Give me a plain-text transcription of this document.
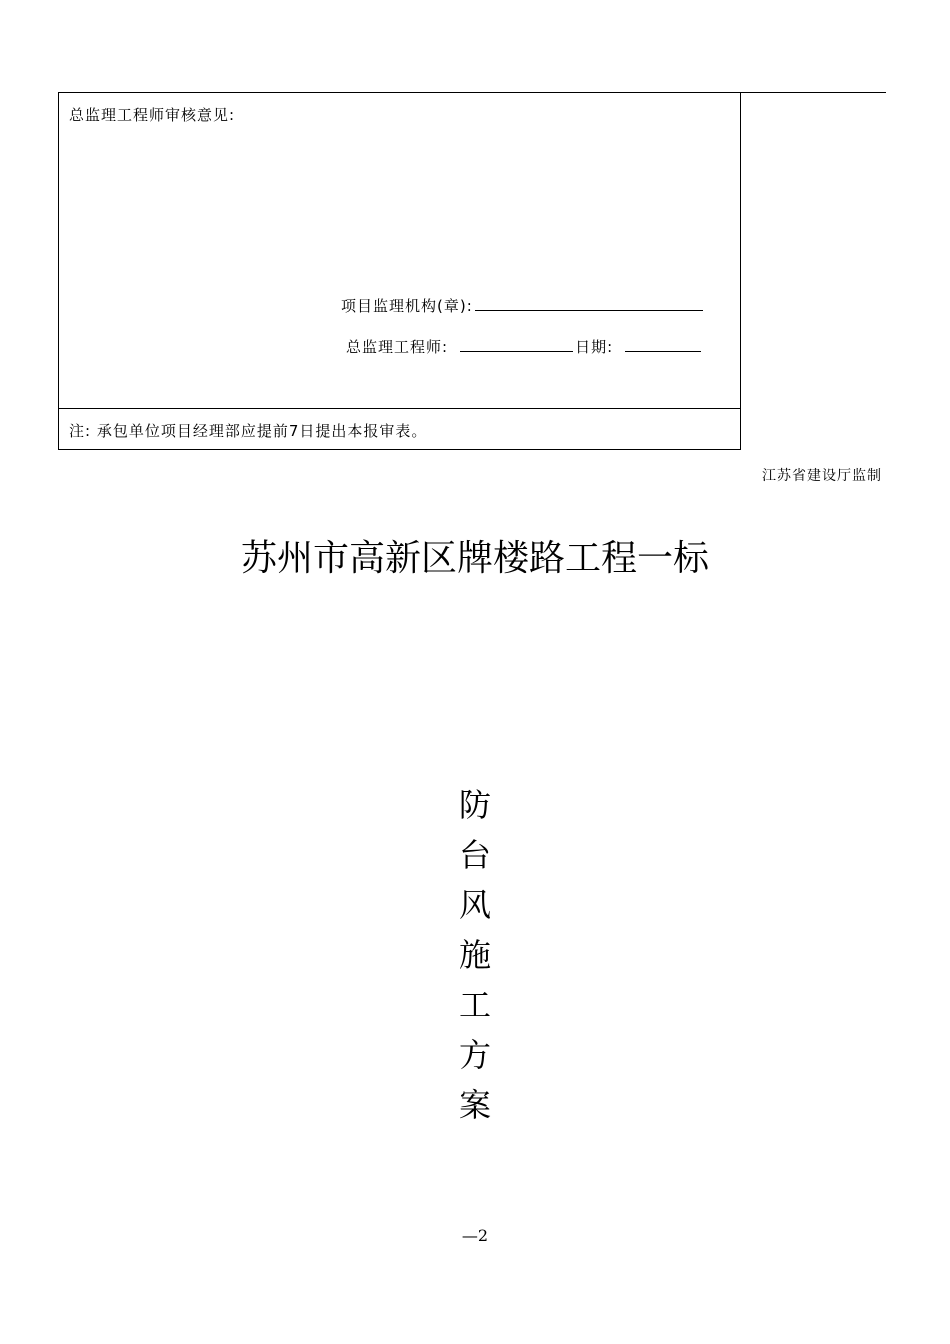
总监理工程师审核意见:
项目监理机构(章):
总监理工程师:	日期:
注: 承包单位项目经理部应提前7日提出本报审表。
江苏省建设厅监制
苏州市高新区牌楼路工程一标
防
台
风
施
工
方
案
—2
